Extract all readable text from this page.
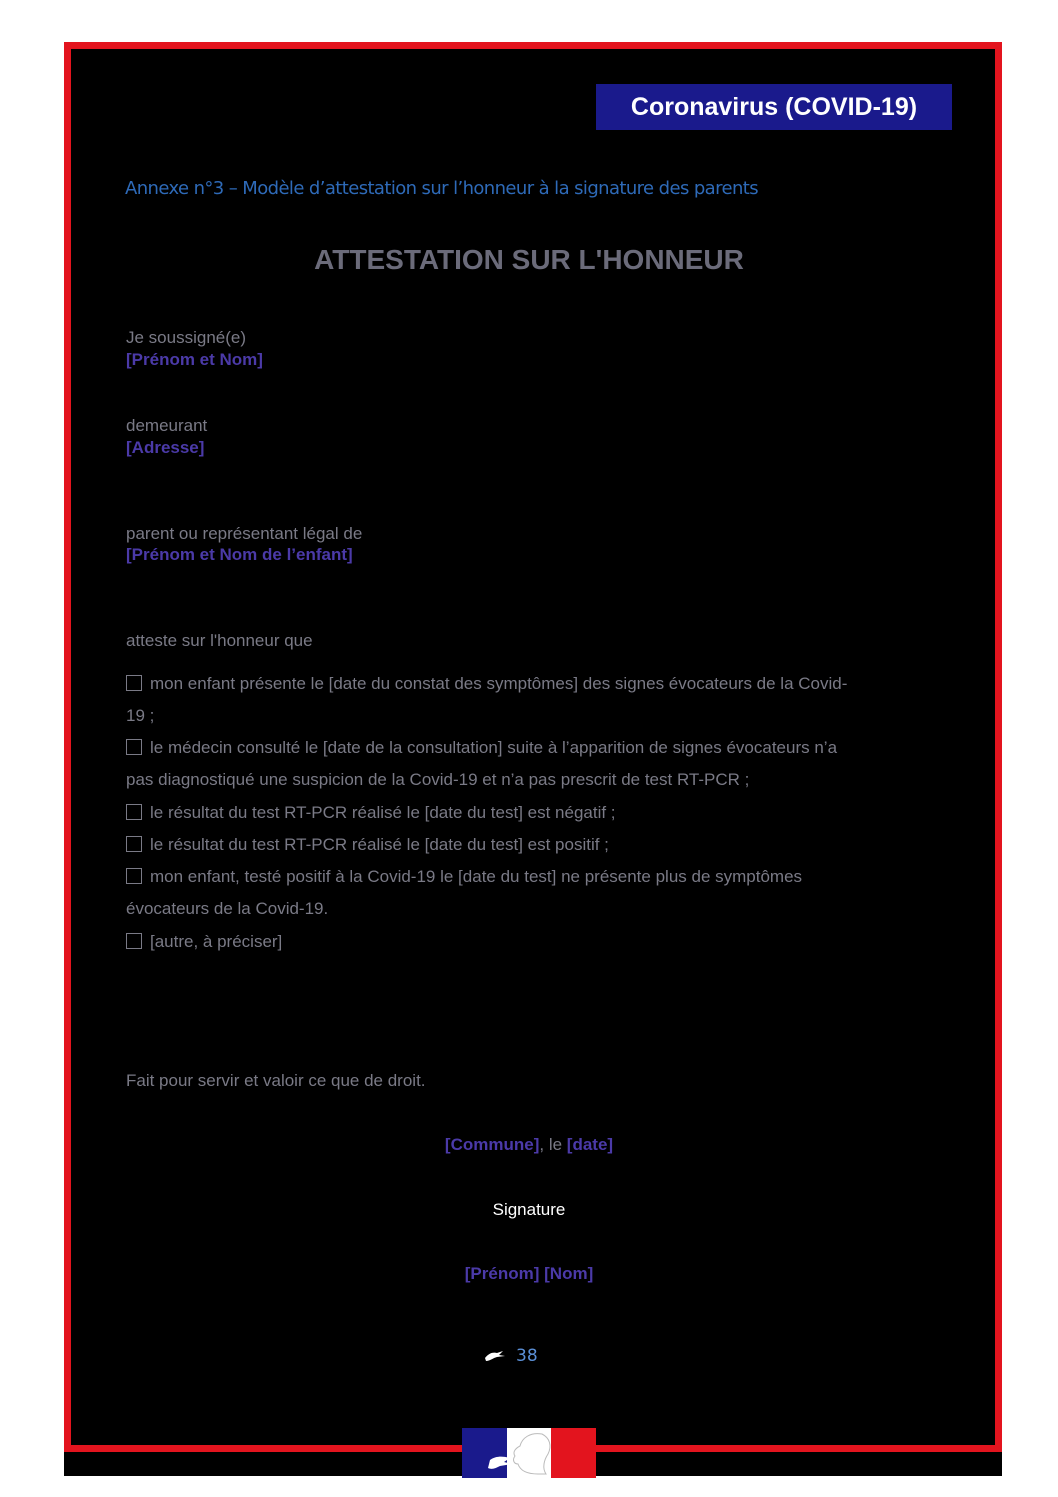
Coronavirus (COVID-19)
Annexe n°3 – Modèle d’attestation sur l’honneur à la signature des parents
ATTESTATION SUR L'HONNEUR
Je soussigné(e)
[Prénom et Nom]
demeurant
[Adresse]
parent ou représentant légal de
[Prénom et Nom de l’enfant]
atteste sur l'honneur que
mon enfant présente le [date du constat des symptômes] des signes évocateurs de la Covid-
19 ;
le médecin consulté le [date de la consultation] suite à l’apparition de signes évocateurs n’a
pas diagnostiqué une suspicion de la Covid-19 et n’a pas prescrit de test RT-PCR ;
le résultat du test RT-PCR réalisé le [date du test] est négatif ;
le résultat du test RT-PCR réalisé le [date du test] est positif ;
mon enfant, testé positif à la Covid-19 le [date du test] ne présente plus de symptômes
évocateurs de la Covid-19.
[autre, à préciser]
Fait pour servir et valoir ce que de droit.
[Commune], le [date]
Signature
[Prénom] [Nom]
38
